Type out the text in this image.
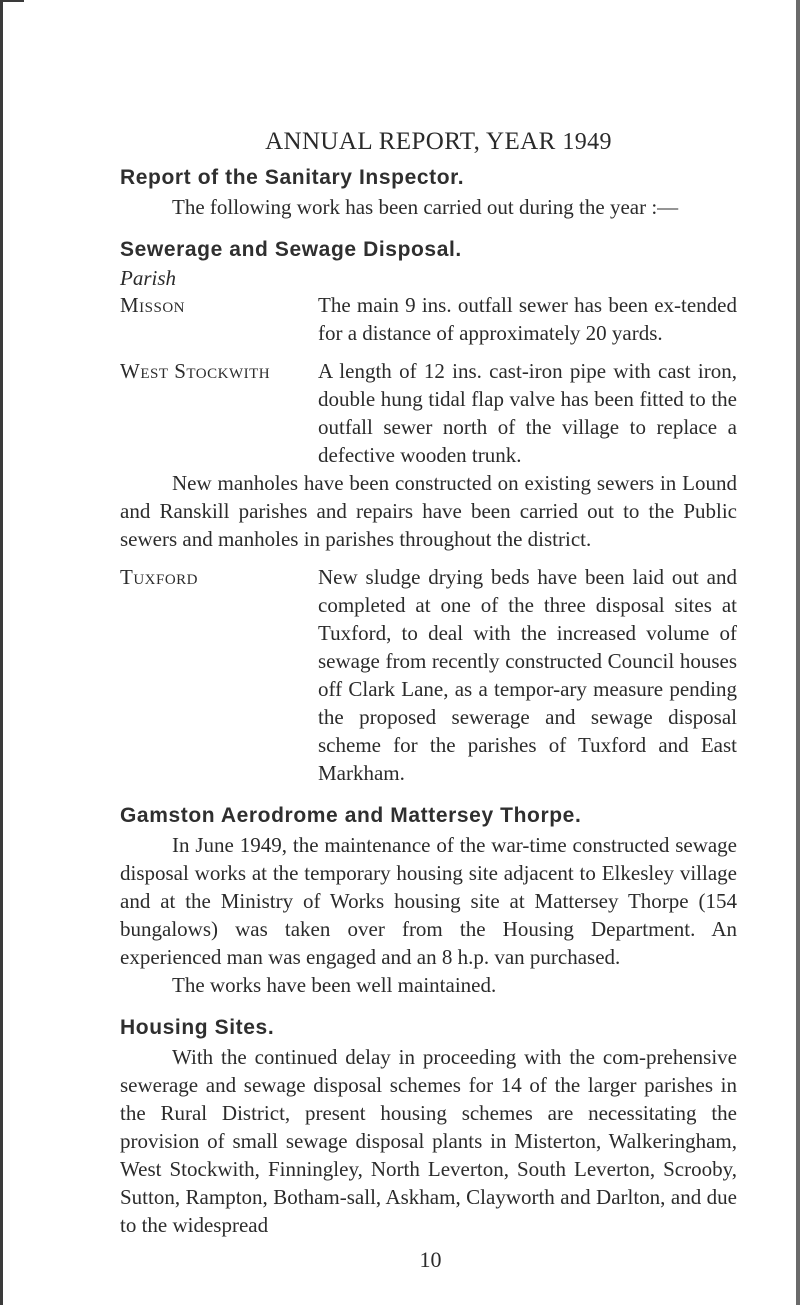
ANNUAL REPORT, YEAR 1949
Report of the Sanitary Inspector.

The following work has been carried out during the year :—

Sewerage and Sewage Disposal.
Parish
Misson	The main 9 ins. outfall sewer has been ex-tended for a distance of approximately 20 yards.
West Stockwith	A length of 12 ins. cast-iron pipe with cast iron, double hung tidal flap valve has been fitted to the outfall sewer north of the village to replace a defective wooden trunk.

New manholes have been constructed on existing sewers in Lound and Ranskill parishes and repairs have been carried out to the Public sewers and manholes in parishes throughout the district.

Tuxford	New sludge drying beds have been laid out and completed at one of the three disposal sites at Tuxford, to deal with the increased volume of sewage from recently constructed Council houses off Clark Lane, as a tempor-ary measure pending the proposed sewerage and sewage disposal scheme for the parishes of Tuxford and East Markham.
Gamston Aerodrome and Mattersey Thorpe.

In June 1949, the maintenance of the war-time constructed sewage disposal works at the temporary housing site adjacent to Elkesley village and at the Ministry of Works housing site at Mattersey Thorpe (154 bungalows) was taken over from the Housing Department. An experienced man was engaged and an 8 h.p. van purchased.

The works have been well maintained.

Housing Sites.

With the continued delay in proceeding with the com-prehensive sewerage and sewage disposal schemes for 14 of the larger parishes in the Rural District, present housing schemes are necessitating the provision of small sewage disposal plants in Misterton, Walkeringham, West Stockwith, Finningley, North Leverton, South Leverton, Scrooby, Sutton, Rampton, Botham-sall, Askham, Clayworth and Darlton, and due to the widespread

10
